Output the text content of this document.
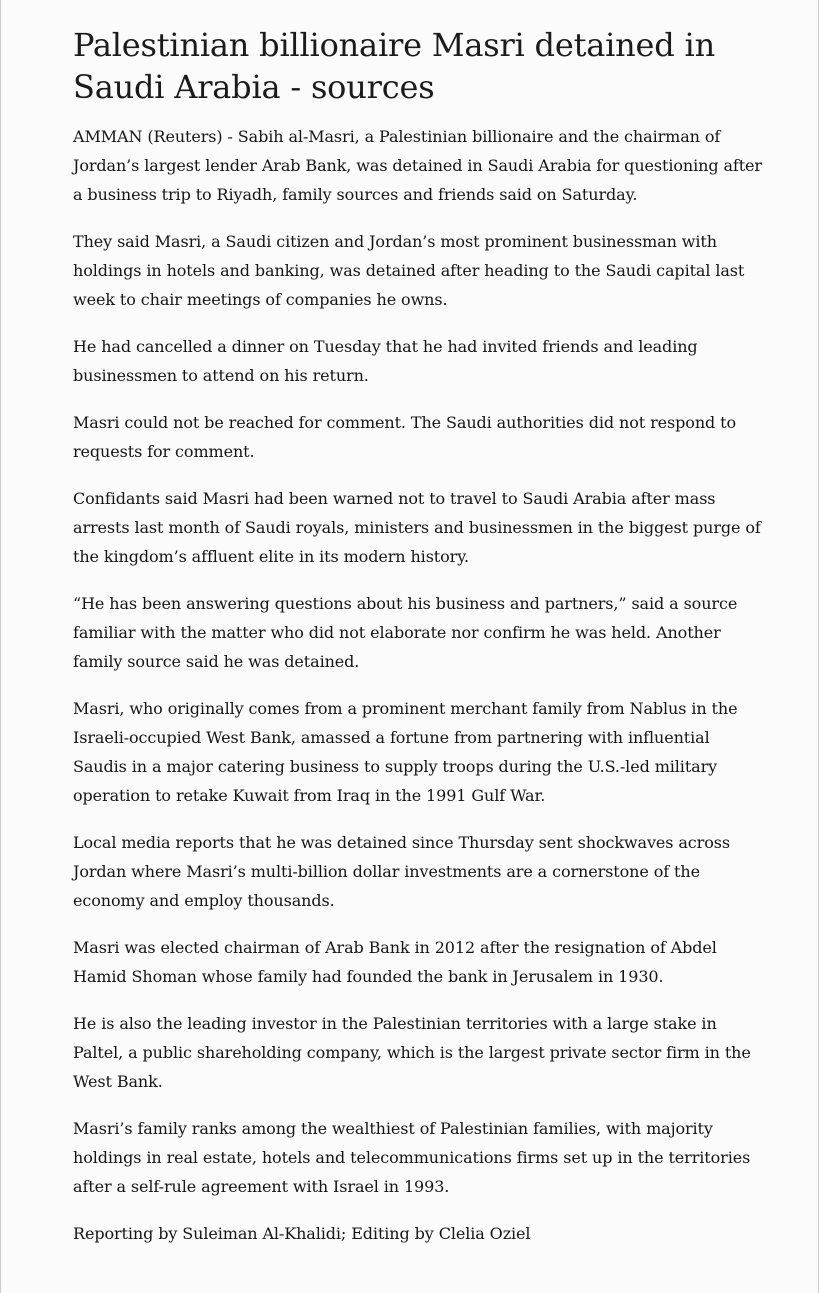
Palestinian billionaire Masri detained in Saudi Arabia - sources

AMMAN (Reuters) - Sabih al-Masri, a Palestinian billionaire and the chairman of Jordan’s largest lender Arab Bank, was detained in Saudi Arabia for questioning after a business trip to Riyadh, family sources and friends said on Saturday.

They said Masri, a Saudi citizen and Jordan’s most prominent businessman with holdings in hotels and banking, was detained after heading to the Saudi capital last week to chair meetings of companies he owns.

He had cancelled a dinner on Tuesday that he had invited friends and leading businessmen to attend on his return.

Masri could not be reached for comment. The Saudi authorities did not respond to requests for comment.

Confidants said Masri had been warned not to travel to Saudi Arabia after mass arrests last month of Saudi royals, ministers and businessmen in the biggest purge of the kingdom’s affluent elite in its modern history.

“He has been answering questions about his business and partners,” said a source familiar with the matter who did not elaborate nor confirm he was held. Another family source said he was detained.

Masri, who originally comes from a prominent merchant family from Nablus in the Israeli-occupied West Bank, amassed a fortune from partnering with influential Saudis in a major catering business to supply troops during the U.S.-led military operation to retake Kuwait from Iraq in the 1991 Gulf War.

Local media reports that he was detained since Thursday sent shockwaves across Jordan where Masri’s multi-billion dollar investments are a cornerstone of the economy and employ thousands.

Masri was elected chairman of Arab Bank in 2012 after the resignation of Abdel Hamid Shoman whose family had founded the bank in Jerusalem in 1930.

He is also the leading investor in the Palestinian territories with a large stake in Paltel, a public shareholding company, which is the largest private sector firm in the West Bank.

Masri’s family ranks among the wealthiest of Palestinian families, with majority holdings in real estate, hotels and telecommunications firms set up in the territories after a self-rule agreement with Israel in 1993.

Reporting by Suleiman Al-Khalidi; Editing by Clelia Oziel
